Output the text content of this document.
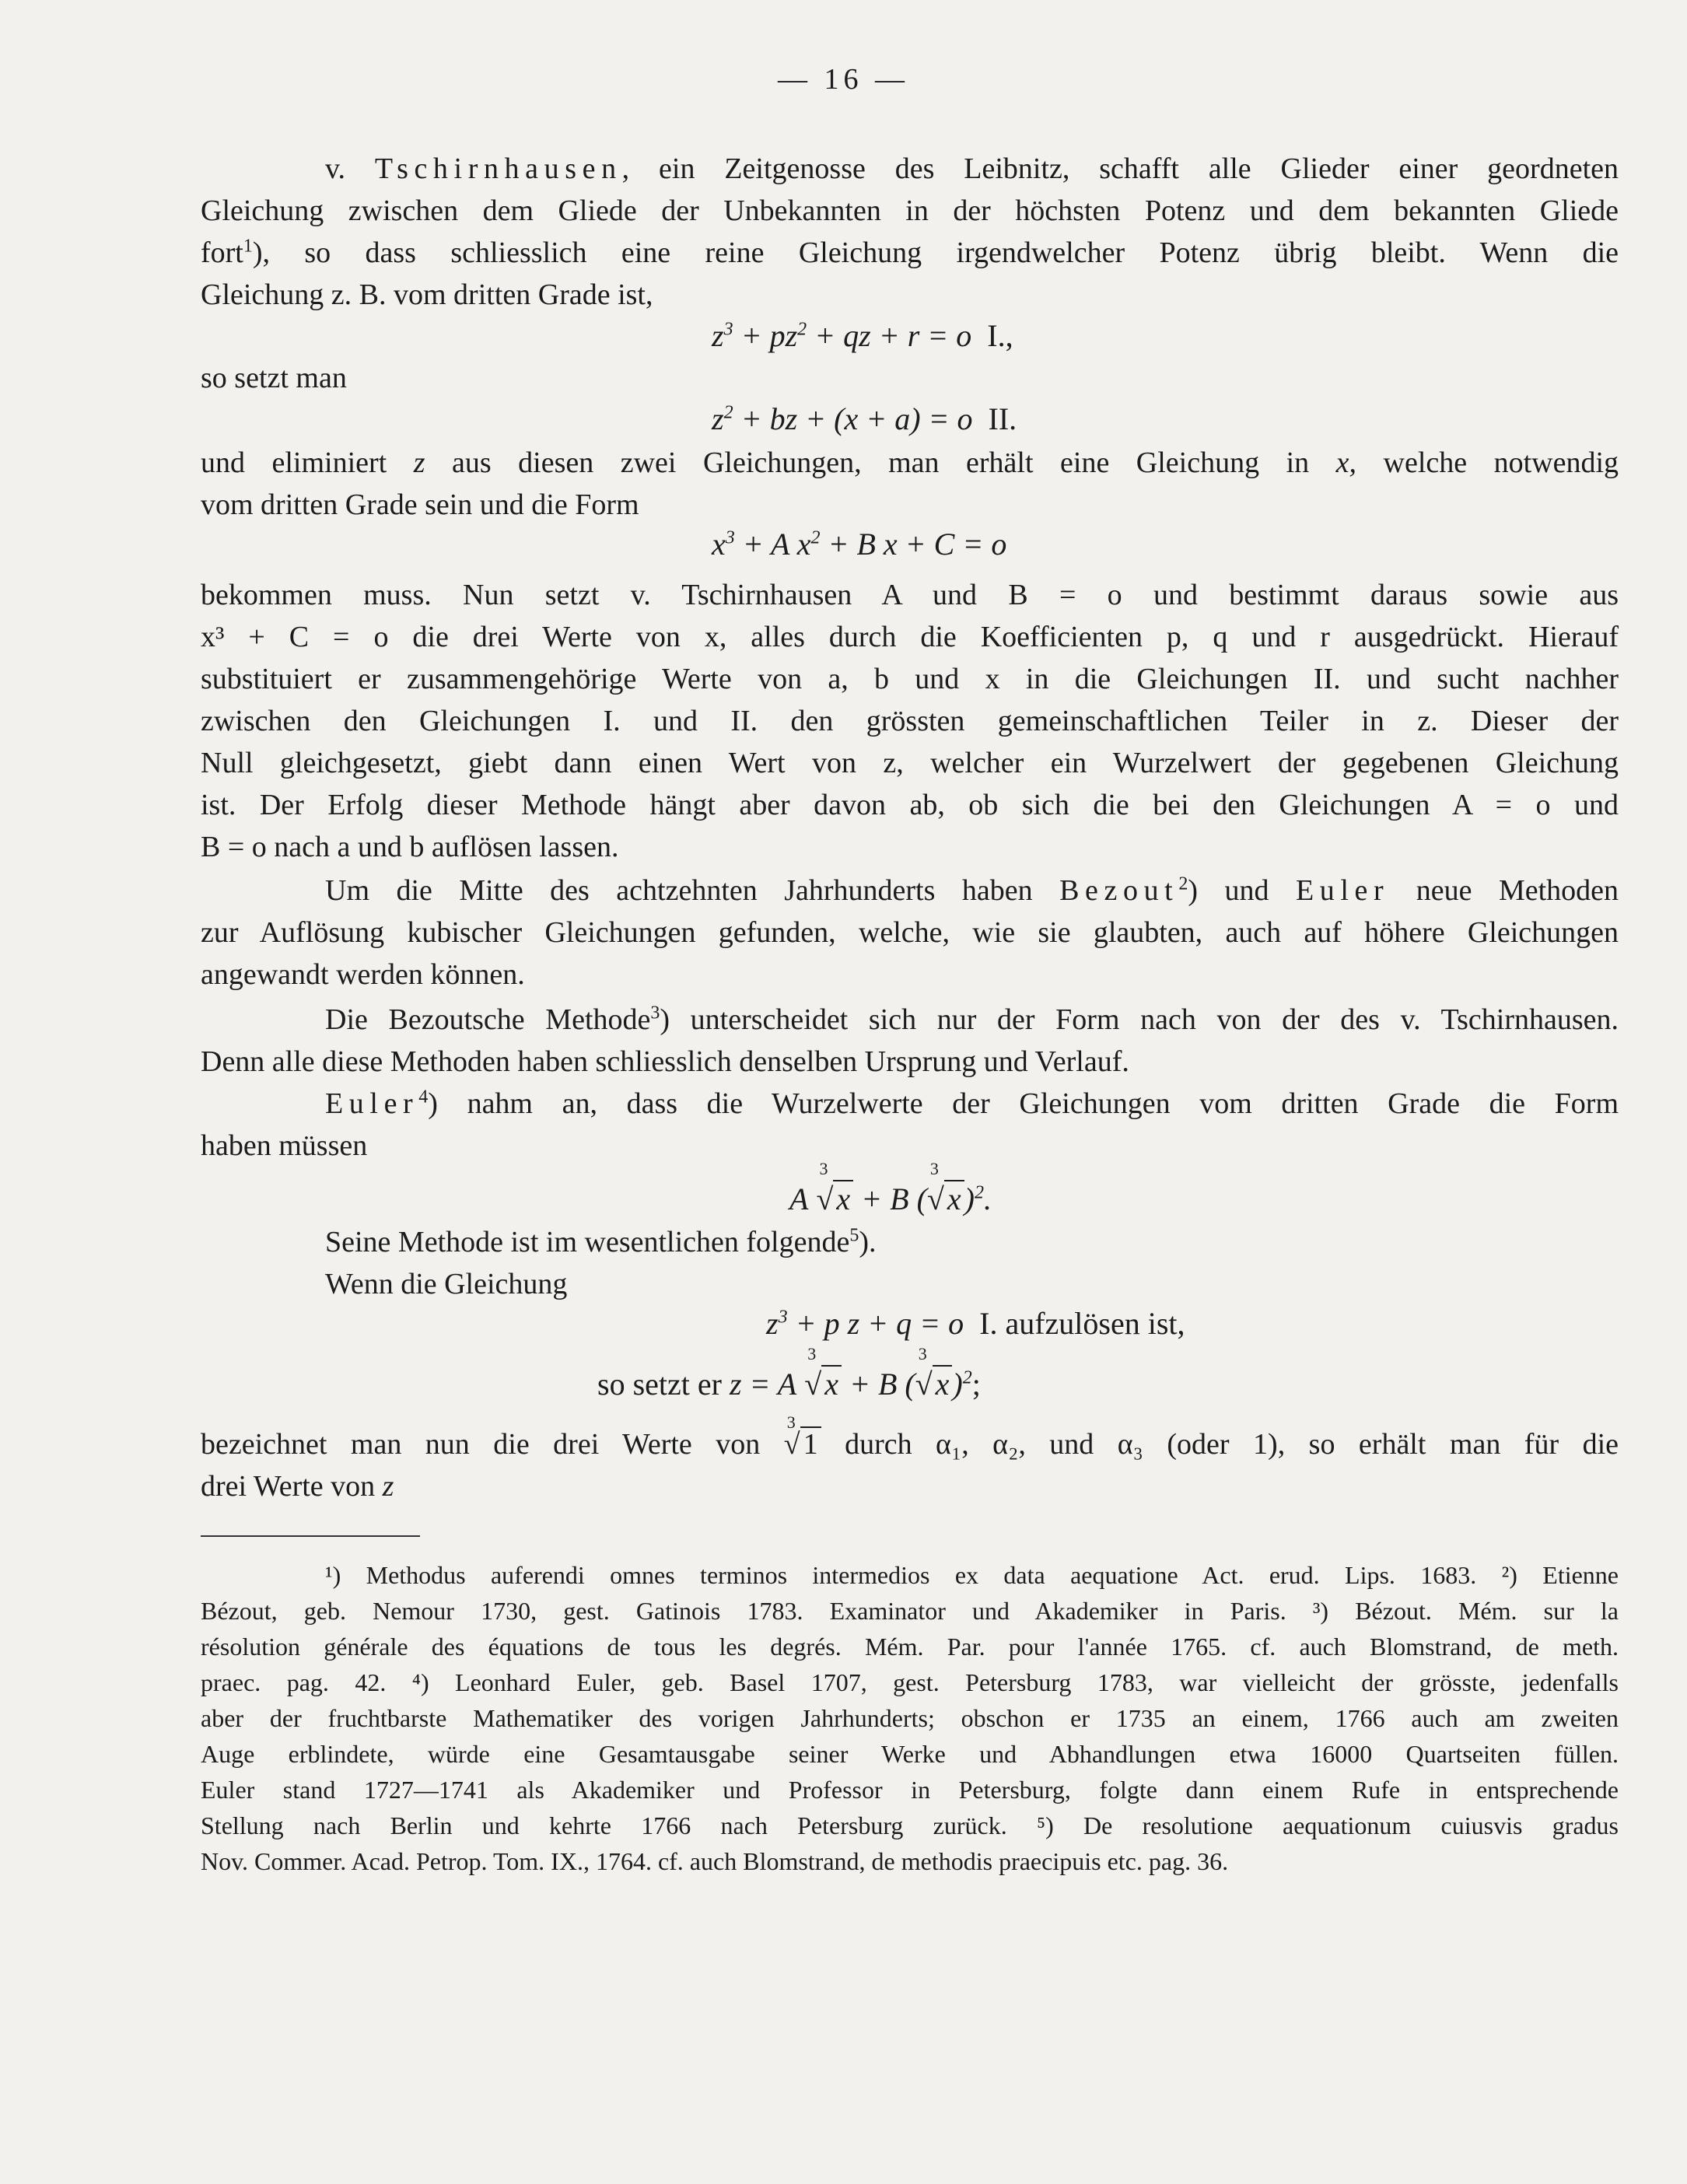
— 16 —
v. Tschirnhausen, ein Zeitgenosse des Leibnitz, schafft alle Glieder einer geordneten
Gleichung zwischen dem Gliede der Unbekannten in der höchsten Potenz und dem bekannten Gliede
fort$^1$), so dass schliesslich eine reine Gleichung irgendwelcher Potenz übrig bleibt. Wenn die
Gleichung z. B. vom dritten Grade ist,
$z^3 + pz^2$ + qz + r = o I.,
so setzt man
$z^2$ + bz + (x + a) = o II.
und eliminiert z aus diesen zwei Gleichungen, man erhält eine Gleichung in x, welche notwendig
vom dritten Grade sein und die Form
$x^3 + A$ $x^2 + B$ x + C = o
bekommen muss. Nun setzt v. Tschirnhausen A und B = o und bestimmt daraus sowie aus
x³ + C = o die drei Werte von x, alles durch die Koefficienten p, q und r ausgedrückt. Hierauf
substituiert er zusammengehörige Werte von a, b und x in die Gleichungen II. und sucht nachher
zwischen den Gleichungen I. und II. den grössten gemeinschaftlichen Teiler in z. Dieser der
Null gleichgesetzt, giebt dann einen Wert von z, welcher ein Wurzelwert der gegebenen Gleichung
ist. Der Erfolg dieser Methode hängt aber davon ab, ob sich die bei den Gleichungen A = o und
B = o nach a und b auflösen lassen.
Um die Mitte des achtzehnten Jahrhunderts haben Bezout$^2$) und Euler neue Methoden
zur Auflösung kubischer Gleichungen gefunden, welche, wie sie glaubten, auch auf höhere Gleichungen
angewandt werden können.
Die Bezoutsche Methode$^3$) unterscheidet sich nur der Form nach von der des v. Tschirnhausen.
Denn alle diese Methoden haben schliesslich denselben Ursprung und Verlauf.
Euler$^4$) nahm an, dass die Wurzelwerte der Gleichungen vom dritten Grade die Form
haben müssen
A
3
√ x + B (
3
√ x )$^2$.
Seine Methode ist im wesentlichen folgende$^5$).
Wenn die Gleichung
$z^3 + p$ z + q = o I. aufzulösen ist,
so setzt er z = A
3
√ x + B (
3
√ x )$^2$;
bezeichnet man nun die drei Werte von
3
√ 1 durch α₁, α₂, und α₃ (oder 1), so erhält man für die
drei Werte von z
¹) Methodus auferendi omnes terminos intermedios ex data aequatione Act. erud. Lips. 1683. ²) Etienne
Bézout, geb. Nemour 1730, gest. Gatinois 1783. Examinator und Akademiker in Paris. ³) Bézout. Mém. sur la
résolution générale des équations de tous les degrés. Mém. Par. pour l'année 1765. cf. auch Blomstrand, de meth.
praec. pag. 42. ⁴) Leonhard Euler, geb. Basel 1707, gest. Petersburg 1783, war vielleicht der grösste, jedenfalls
aber der fruchtbarste Mathematiker des vorigen Jahrhunderts; obschon er 1735 an einem, 1766 auch am zweiten
Auge erblindete, würde eine Gesamtausgabe seiner Werke und Abhandlungen etwa 16000 Quartseiten füllen.
Euler stand 1727—1741 als Akademiker und Professor in Petersburg, folgte dann einem Rufe in entsprechende
Stellung nach Berlin und kehrte 1766 nach Petersburg zurück. ⁵) De resolutione aequationum cuiusvis gradus
Nov. Commer. Acad. Petrop. Tom. IX., 1764. cf. auch Blomstrand, de methodis praecipuis etc. pag. 36.
